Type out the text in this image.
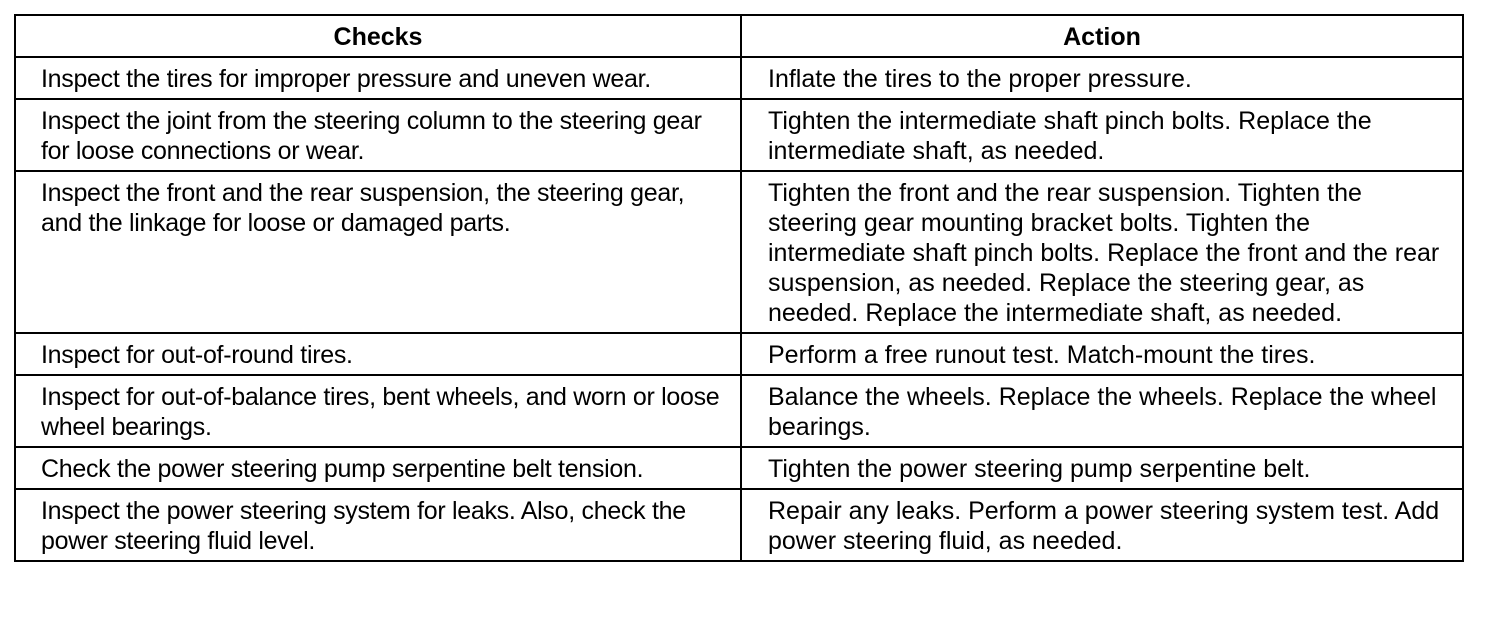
Checks	Action
Inspect the tires for improper pressure and uneven wear.	Inflate the tires to the proper pressure.
Inspect the joint from the steering column to the steering gear for loose connections or wear.	Tighten the intermediate shaft pinch bolts. Replace the intermediate shaft, as needed.
Inspect the front and the rear suspension, the steering gear, and the linkage for loose or damaged parts.	Tighten the front and the rear suspension. Tighten the steering gear mounting bracket bolts. Tighten the intermediate shaft pinch bolts. Replace the front and the rear suspension, as needed. Replace the steering gear, as needed. Replace the intermediate shaft, as needed.
Inspect for out-of-round tires.	Perform a free runout test. Match-mount the tires.
Inspect for out-of-balance tires, bent wheels, and worn or loose wheel bearings.	Balance the wheels. Replace the wheels. Replace the wheel bearings.
Check the power steering pump serpentine belt tension.	Tighten the power steering pump serpentine belt.
Inspect the power steering system for leaks. Also, check the power steering fluid level.	Repair any leaks. Perform a power steering system test. Add power steering fluid, as needed.
